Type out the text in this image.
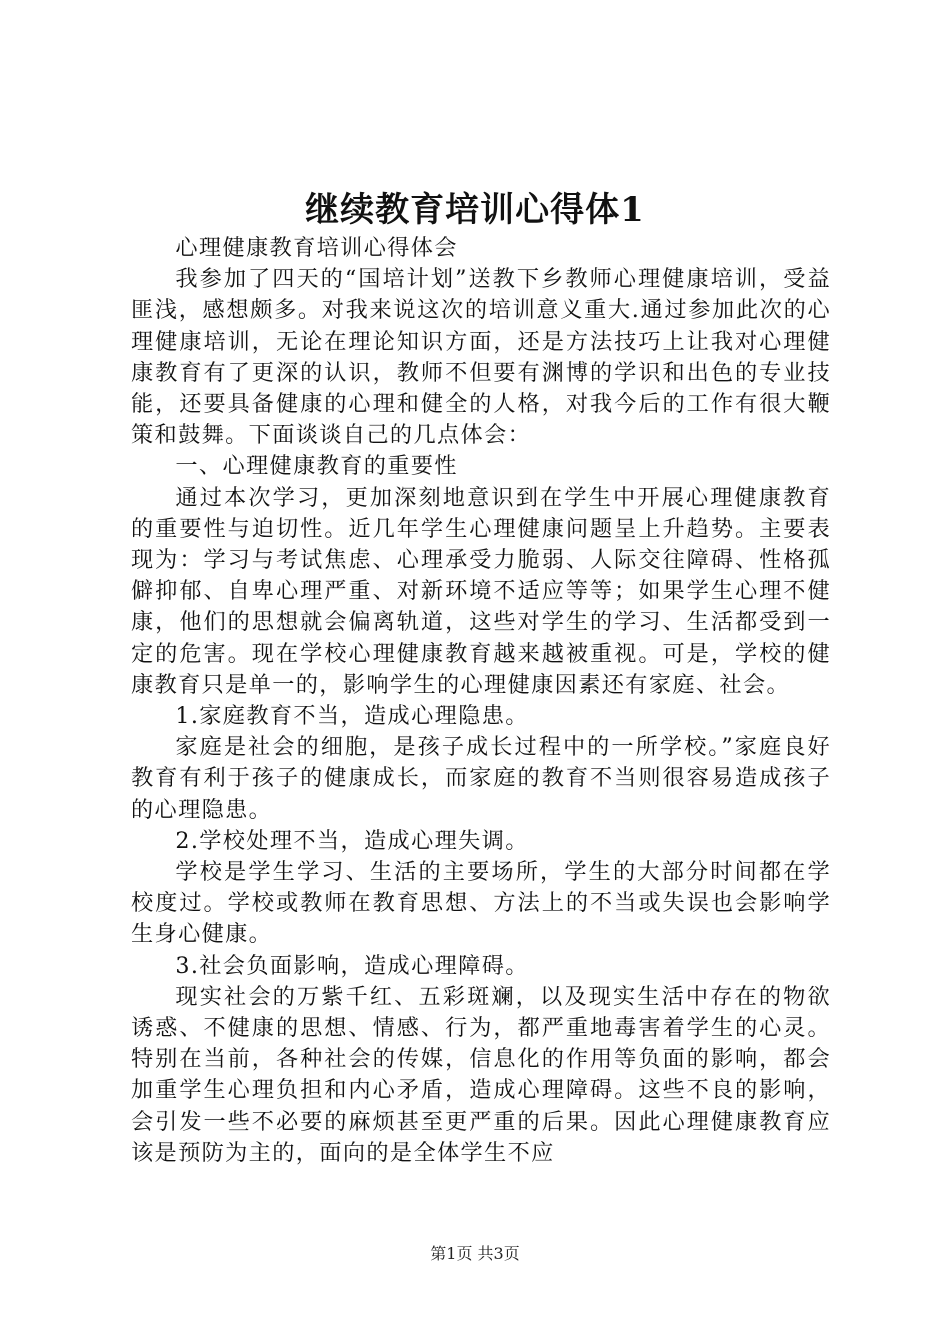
继续教育培训心得体1

心理健康教育培训心得体会

我参加了四天的“国培计划”送教下乡教师心理健康培训，受益匪浅，感想颇多。对我来说这次的培训意义重大.通过参加此次的心理健康培训，无论在理论知识方面，还是方法技巧上让我对心理健康教育有了更深的认识，教师不但要有渊博的学识和出色的专业技能，还要具备健康的心理和健全的人格，对我今后的工作有很大鞭策和鼓舞。下面谈谈自己的几点体会：

一、心理健康教育的重要性

通过本次学习，更加深刻地意识到在学生中开展心理健康教育的重要性与迫切性。近几年学生心理健康问题呈上升趋势。主要表现为：学习与考试焦虑、心理承受力脆弱、人际交往障碍、性格孤僻抑郁、自卑心理严重、对新环境不适应等等；如果学生心理不健康，他们的思想就会偏离轨道，这些对学生的学习、生活都受到一定的危害。现在学校心理健康教育越来越被重视。可是，学校的健康教育只是单一的，影响学生的心理健康因素还有家庭、社会。

1.家庭教育不当，造成心理隐患。

家庭是社会的细胞，是孩子成长过程中的一所学校。”家庭良好教育有利于孩子的健康成长，而家庭的教育不当则很容易造成孩子的心理隐患。

2.学校处理不当，造成心理失调。

学校是学生学习、生活的主要场所，学生的大部分时间都在学校度过。学校或教师在教育思想、方法上的不当或失误也会影响学生身心健康。

3.社会负面影响，造成心理障碍。

现实社会的万紫千红、五彩斑斓，以及现实生活中存在的物欲诱惑、不健康的思想、情感、行为，都严重地毒害着学生的心灵。特别在当前，各种社会的传媒，信息化的作用等负面的影响，都会加重学生心理负担和内心矛盾，造成心理障碍。这些不良的影响，会引发一些不必要的麻烦甚至更严重的后果。因此心理健康教育应该是预防为主的，面向的是全体学生不应

第1页 共3页
